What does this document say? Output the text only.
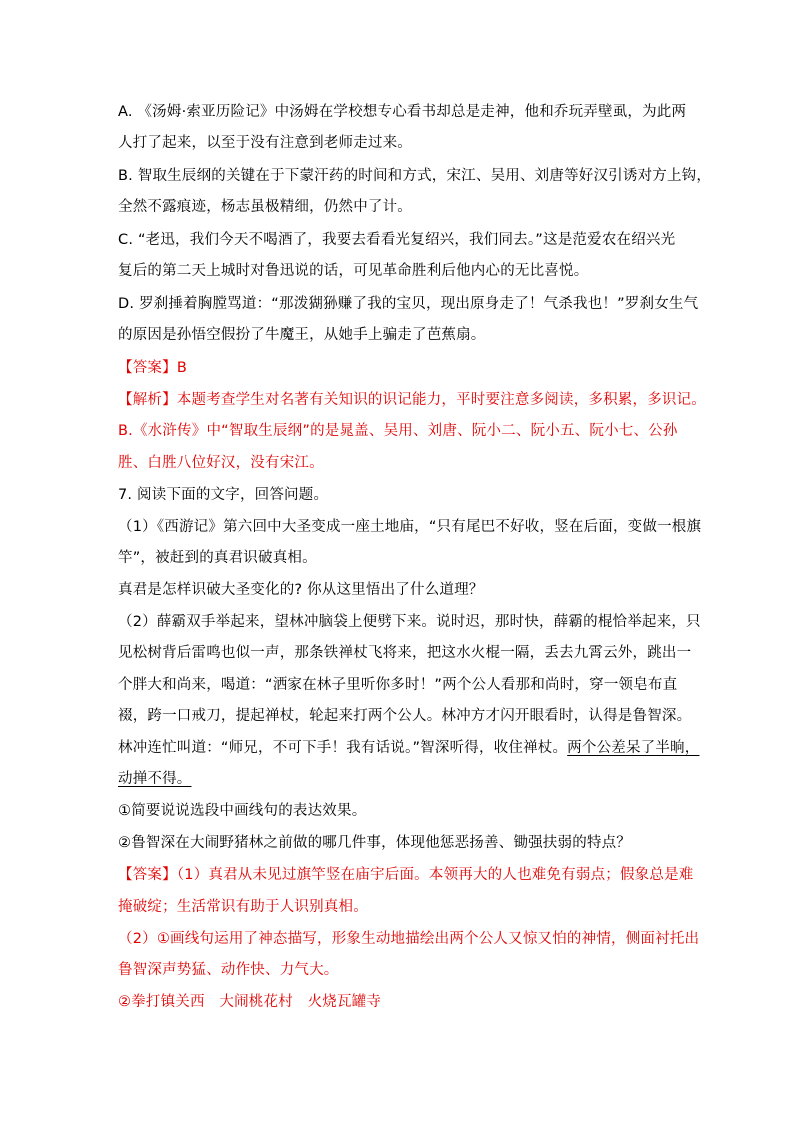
A. 《汤姆·索亚历险记》中汤姆在学校想专心看书却总是走神，他和乔玩弄壁虱，为此两
人打了起来，以至于没有注意到老师走过来。
B. 智取生辰纲的关键在于下蒙汗药的时间和方式，宋江、吴用、刘唐等好汉引诱对方上钩，
全然不露痕迹，杨志虽极精细，仍然中了计。
C. “老迅，我们今天不喝酒了，我要去看看光复绍兴，我们同去。”这是范爱农在绍兴光
复后的第二天上城时对鲁迅说的话，可见革命胜利后他内心的无比喜悦。
D. 罗刹捶着胸膛骂道：“那泼猢狲赚了我的宝贝，现出原身走了！气杀我也！”罗刹女生气
的原因是孙悟空假扮了牛魔王，从她手上骗走了芭蕉扇。
【答案】B
【解析】本题考查学生对名著有关知识的识记能力，平时要注意多阅读，多积累，多识记。
B.《水浒传》中“智取生辰纲”的是晁盖、吴用、刘唐、阮小二、阮小五、阮小七、公孙
胜、白胜八位好汉，没有宋江。
7. 阅读下面的文字，回答问题。
（1）《西游记》第六回中大圣变成一座土地庙，“只有尾巴不好收，竖在后面，变做一根旗
竿”，被赶到的真君识破真相。
真君是怎样识破大圣变化的? 你从这里悟出了什么道理？
（2）薛霸双手举起来，望林冲脑袋上便劈下来。说时迟，那时快，薛霸的棍恰举起来，只
见松树背后雷鸣也似一声，那条铁禅杖飞将来，把这水火棍一隔，丢去九霄云外，跳出一
个胖大和尚来，喝道：“洒家在林子里听你多时！”两个公人看那和尚时，穿一领皂布直
裰，跨一口戒刀，提起禅杖，轮起来打两个公人。林冲方才闪开眼看时，认得是鲁智深。
林冲连忙叫道：“师兄，不可下手！我有话说。”智深听得，收住禅杖。两个公差呆了半晌，
动掸不得。
①简要说说选段中画线句的表达效果。
②鲁智深在大闹野猪林之前做的哪几件事，体现他惩恶扬善、锄强扶弱的特点？
【答案】（1）真君从未见过旗竿竖在庙宇后面。本领再大的人也难免有弱点；假象总是难
掩破绽；生活常识有助于人识别真相。
（2）①画线句运用了神态描写，形象生动地描绘出两个公人又惊又怕的神情，侧面衬托出
鲁智深声势猛、动作快、力气大。
②拳打镇关西　大闹桃花村　火烧瓦罐寺
